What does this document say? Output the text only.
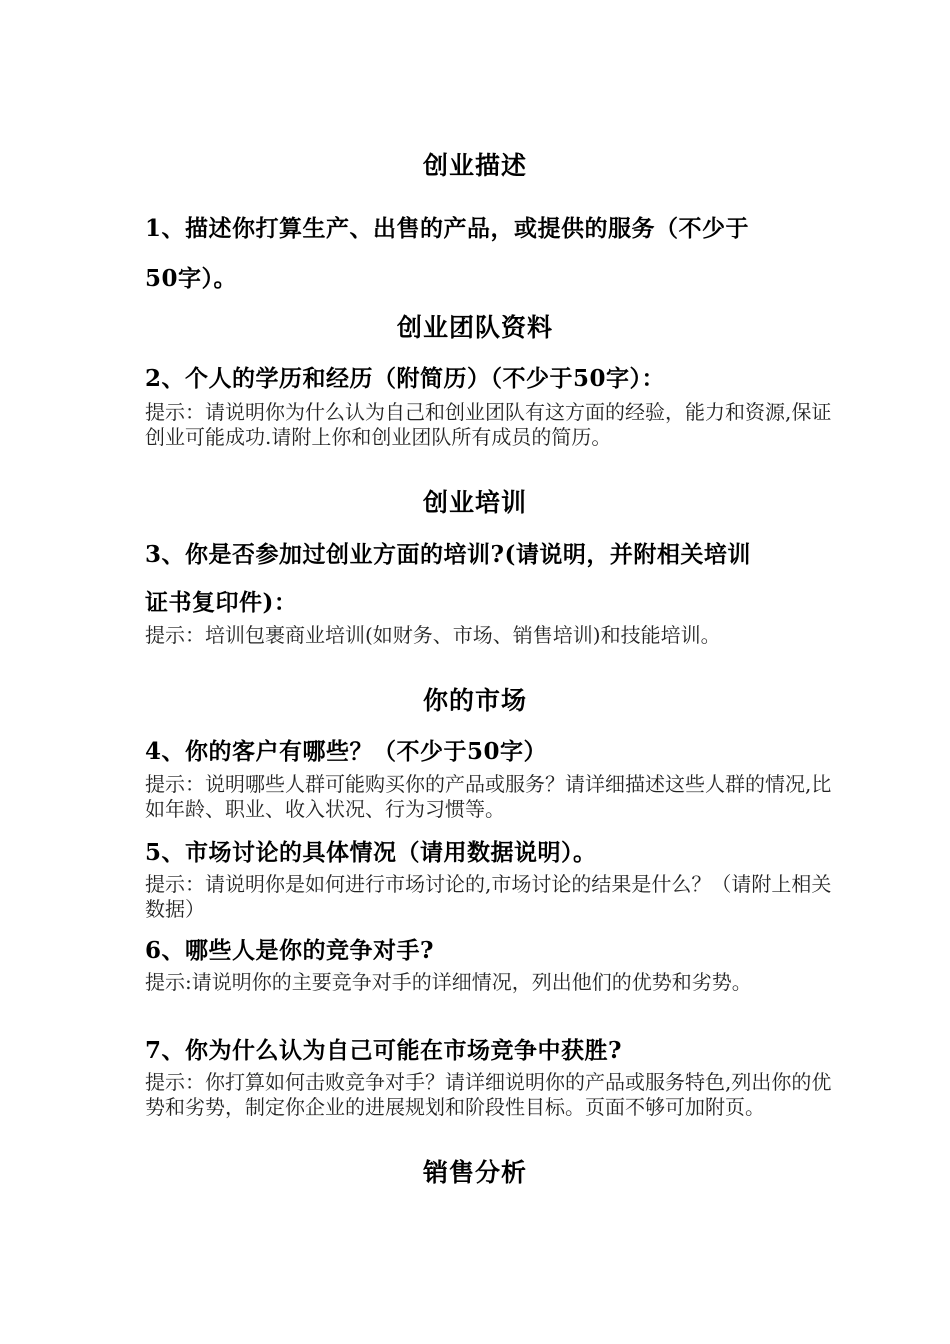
创业描述

1、描述你打算生产、出售的产品，或提供的服务（不少于

50字）。

创业团队资料

2、个人的学历和经历（附简历）（不少于50字）：

提示：请说明你为什么认为自己和创业团队有这方面的经验，能力和资源,保证创业可能成功.请附上你和创业团队所有成员的简历。

创业培训

3、你是否参加过创业方面的培训?(请说明，并附相关培训

证书复印件)：

提示：培训包裹商业培训(如财务、市场、销售培训)和技能培训。

你的市场

4、你的客户有哪些？（不少于50字）

提示：说明哪些人群可能购买你的产品或服务？请详细描述这些人群的情况,比如年龄、职业、收入状况、行为习惯等。

5、市场讨论的具体情况（请用数据说明）。

提示：请说明你是如何进行市场讨论的,市场讨论的结果是什么？（请附上相关数据）

6、哪些人是你的竞争对手?

提示:请说明你的主要竞争对手的详细情况，列出他们的优势和劣势。

7、你为什么认为自己可能在市场竞争中获胜?

提示：你打算如何击败竞争对手？请详细说明你的产品或服务特色,列出你的优势和劣势，制定你企业的进展规划和阶段性目标。页面不够可加附页。

销售分析
